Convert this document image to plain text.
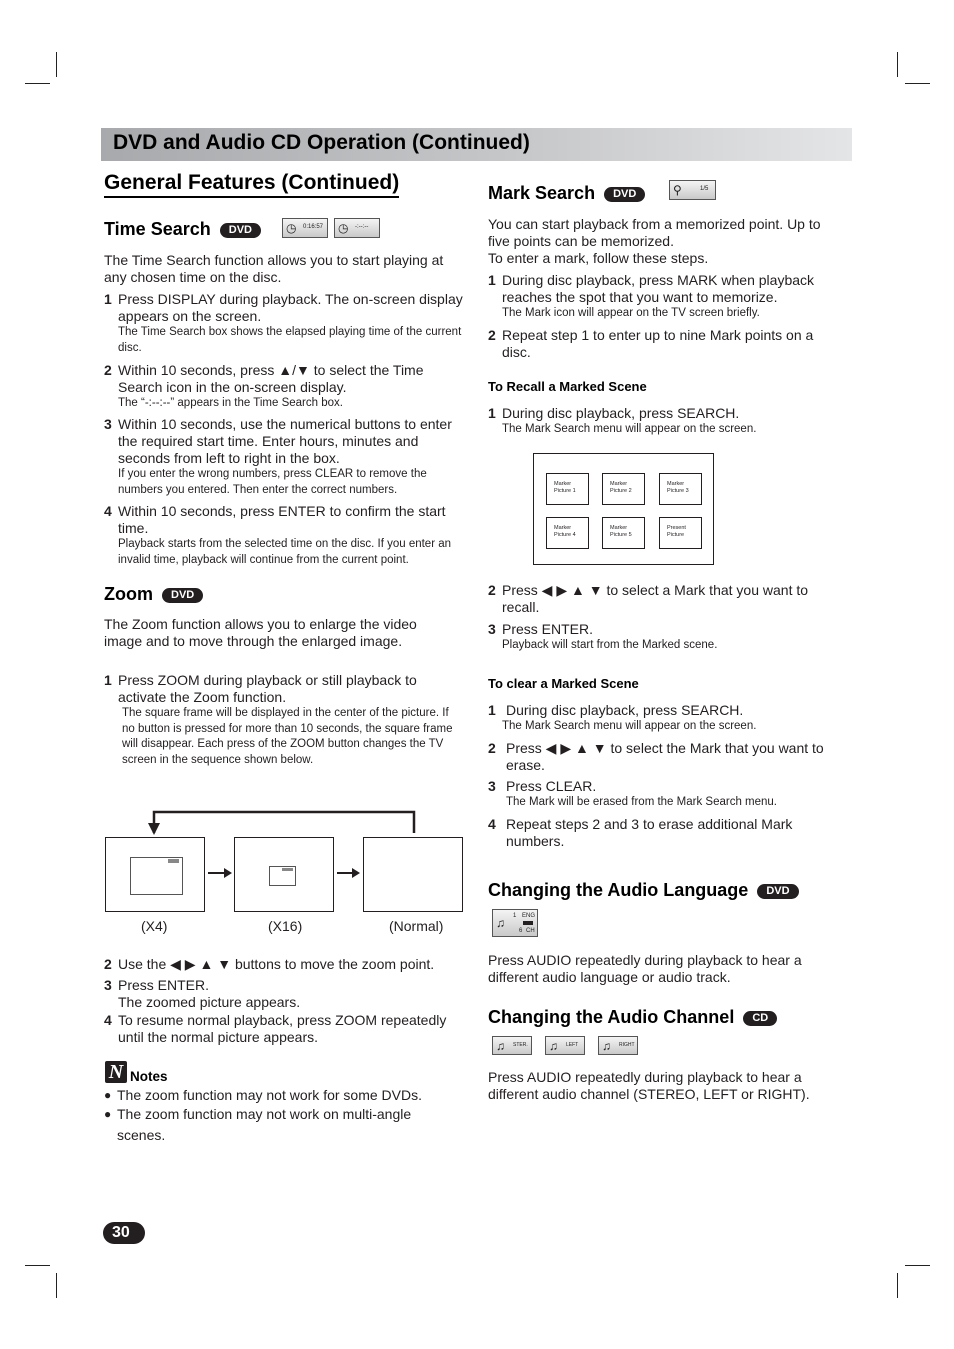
DVD and Audio CD Operation (Continued)
General Features (Continued)
Time Search DVD	◷	0:16:57 ◷	-:--:--
The Time Search function allows you to start playing at any chosen time on the disc.
1 Press DISPLAY during playback. The on-screen display appears on the screen.
The Time Search box shows the elapsed playing time of the current disc.
2 Within 10 seconds, press ▲/▼ to select the Time Search icon in the on-screen display.
The “-:--:--” appears in the Time Search box.
3 Within 10 seconds, use the numerical buttons to enter the required start time. Enter hours, minutes and seconds from left to right in the box.
If you enter the wrong numbers, press CLEAR to remove the numbers you entered. Then enter the correct numbers.
4 Within 10 seconds, press ENTER to confirm the start time.
Playback starts from the selected time on the disc. If you enter an invalid time, playback will continue from the current point.
Zoom DVD
The Zoom function allows you to enlarge the video image and to move through the enlarged image.
1 Press ZOOM during playback or still playback to activate the Zoom function.
The square frame will be displayed in the center of the picture. If no button is pressed for more than 10 seconds, the square frame will disappear. Each press of the ZOOM button changes the TV screen in the sequence shown below.
(X4)	(X16)	(Normal)
2 Use the ◀ ▶ ▲ ▼ buttons to move the zoom point.
3 Press ENTER.
The zoomed picture appears.
4 To resume normal playback, press ZOOM repeatedly until the normal picture appears.
N Notes
● The zoom function may not work for some DVDs.
● The zoom function may not work on multi-angle scenes.
Mark Search DVD	⚲	1/5
You can start playback from a memorized point. Up to five points can be memorized.
To enter a mark, follow these steps.
1 During disc playback, press MARK when playback reaches the spot that you want to memorize.
The Mark icon will appear on the TV screen briefly.
2 Repeat step 1 to enter up to nine Mark points on a disc.
To Recall a Marked Scene
1 During disc playback, press SEARCH.
The Mark Search menu will appear on the screen.
Marker
Picture 1
Marker
Picture 2
Marker
Picture 3
Marker
Picture 4
Marker
Picture 5
Present
Picture
2 Press ◀ ▶ ▲ ▼ to select a Mark that you want to recall.
3 Press ENTER.
Playback will start from the Marked scene.
To clear a Marked Scene
1 During disc playback, press SEARCH.
The Mark Search menu will appear on the screen.
2 Press ◀ ▶ ▲ ▼ to select the Mark that you want to erase.
3 Press CLEAR.
The Mark will be erased from the Mark Search menu.
4 Repeat steps 2 and 3 to erase additional Mark numbers.
Changing the Audio Language DVD
♫	1 ENG
6 CH
Press AUDIO repeatedly during playback to hear a different audio language or audio track.
Changing the Audio Channel CD
♫	STER. ♫	LEFT ♫	RIGHT
Press AUDIO repeatedly during playback to hear a different audio channel (STEREO, LEFT or RIGHT).
30
